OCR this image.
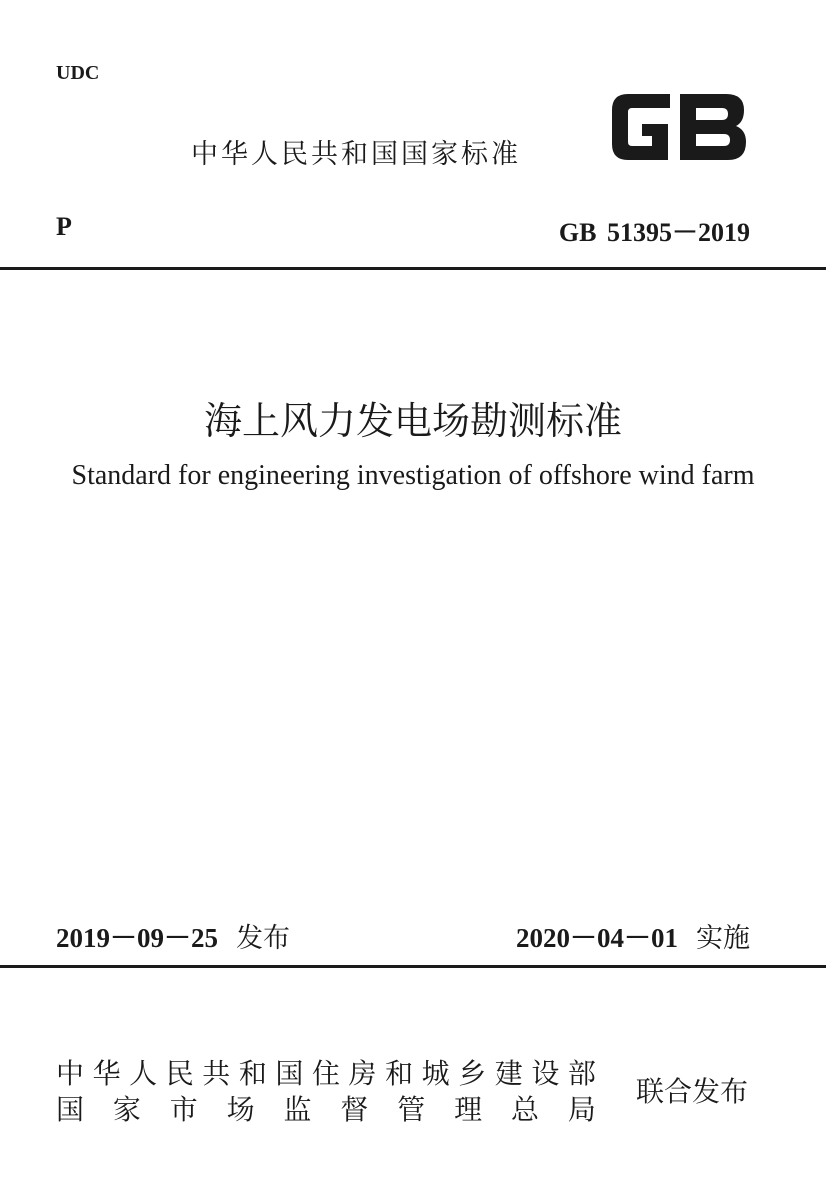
UDC
中华人民共和国国家标准
P	GB 51395－2019
海上风力发电场勘测标准
Standard for engineering investigation of offshore wind farm
2019－09－25 发布	2020－04－01 实施
中 华 人 民 共 和 国 住 房 和 城 乡 建 设 部
国 家 市 场 监 督 管 理 总 局
联合发布
